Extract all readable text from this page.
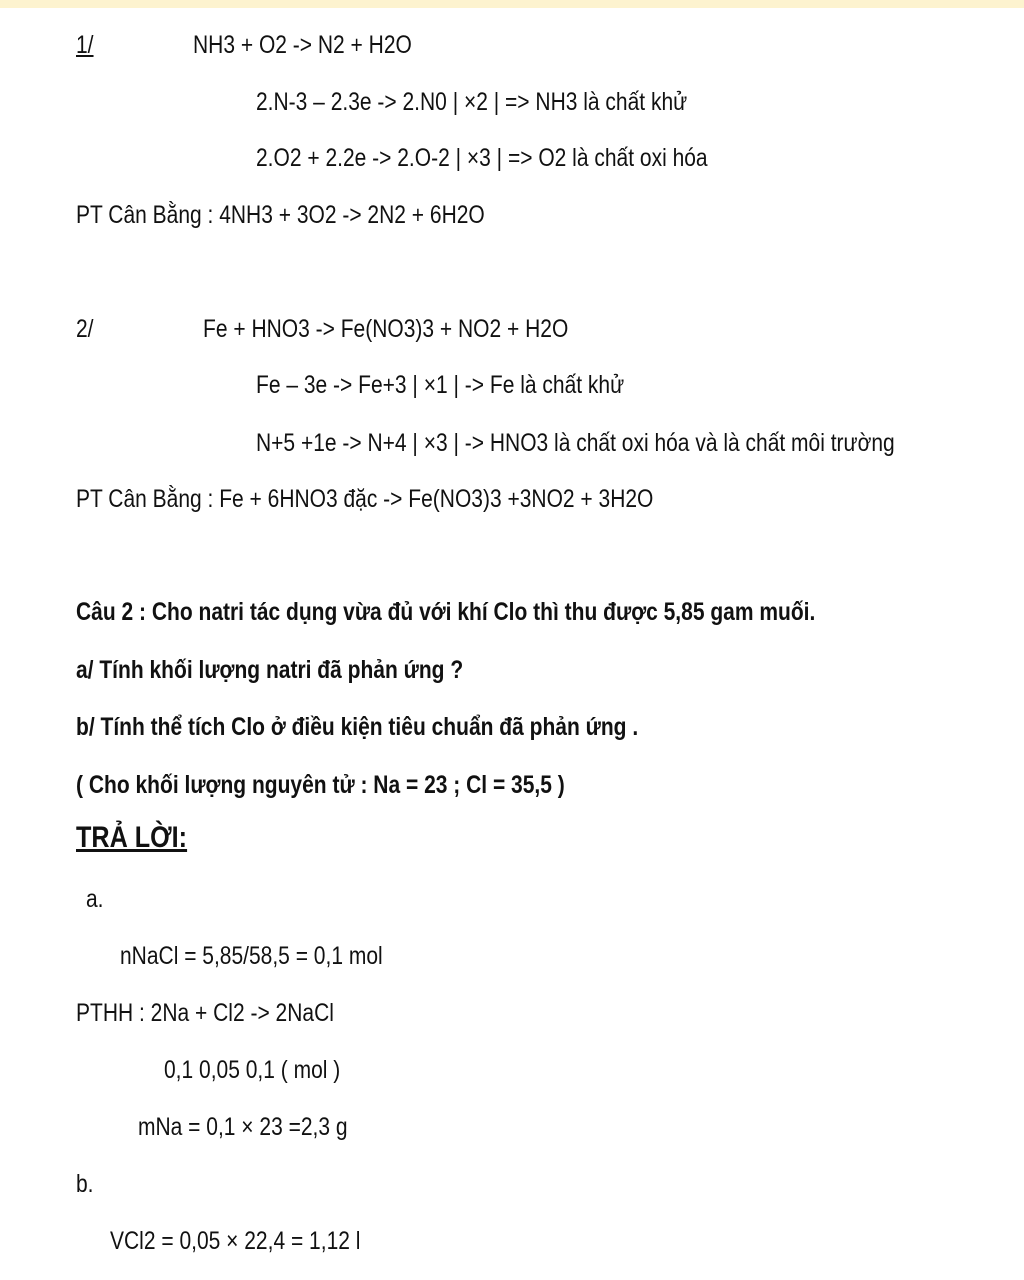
1/	NH3 + O2 -> N2 + H2O
2.N-3 – 2.3e -> 2.N0 | ×2 | => NH3 là chất khử
2.O2 + 2.2e -> 2.O-2 | ×3 | => O2 là chất oxi hóa
PT Cân Bằng : 4NH3 + 3O2 -> 2N2 + 6H2O
2/	Fe + HNO3 -> Fe(NO3)3 + NO2 + H2O
Fe – 3e -> Fe+3 | ×1 | -> Fe là chất khử
N+5 +1e -> N+4 | ×3 | -> HNO3 là chất oxi hóa và là chất môi trường
PT Cân Bằng : Fe + 6HNO3 đặc -> Fe(NO3)3 +3NO2 + 3H2O
Câu 2 : Cho natri tác dụng vừa đủ với khí Clo thì thu được 5,85 gam muối.
a/ Tính khối lượng natri đã phản ứng ?
b/ Tính thể tích Clo ở điều kiện tiêu chuẩn đã phản ứng .
( Cho khối lượng nguyên tử : Na = 23 ; Cl = 35,5 )
TRẢ LỜI:
a.
nNaCl = 5,85/58,5 = 0,1 mol
PTHH : 2Na + Cl2 -> 2NaCl
0,1 0,05 0,1 ( mol )
mNa = 0,1 × 23 =2,3 g
b.
VCl2 = 0,05 × 22,4 = 1,12 l
